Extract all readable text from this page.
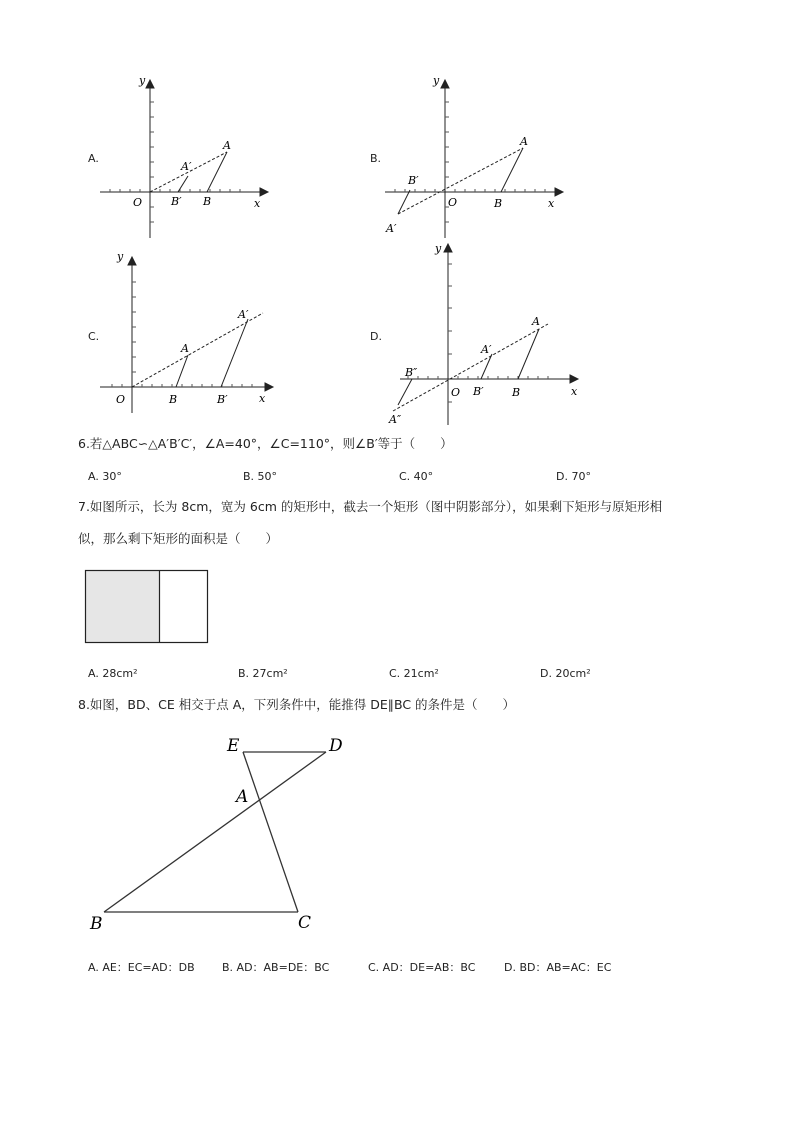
A.
y
x
O
A
A′
B′ B
B.
y
x
O
A
B′
A′
B
C.
y
x
O
A′
A
B	B′
D.
y
x
O
A
A′
B″
A″
B′	B
6.若△ABC∽△A′B′C′，∠A=40°，∠C=110°，则∠B′等于（　　）
A. 30°	B. 50°	C. 40°	D. 70°
7.如图所示，长为 8cm，宽为 6cm 的矩形中，截去一个矩形（图中阴影部分），如果剩下矩形与原矩形相
似，那么剩下矩形的面积是（　　）
A. 28cm²	B. 27cm²	C. 21cm²	D. 20cm²
8.如图，BD、CE 相交于点 A，下列条件中，能推得 DE∥BC 的条件是（　　）
E	D
A
B	C
A. AE：EC=AD：DB B. AD：AB=DE：BC	C. AD：DE=AB：BC	D. BD：AB=AC：EC
